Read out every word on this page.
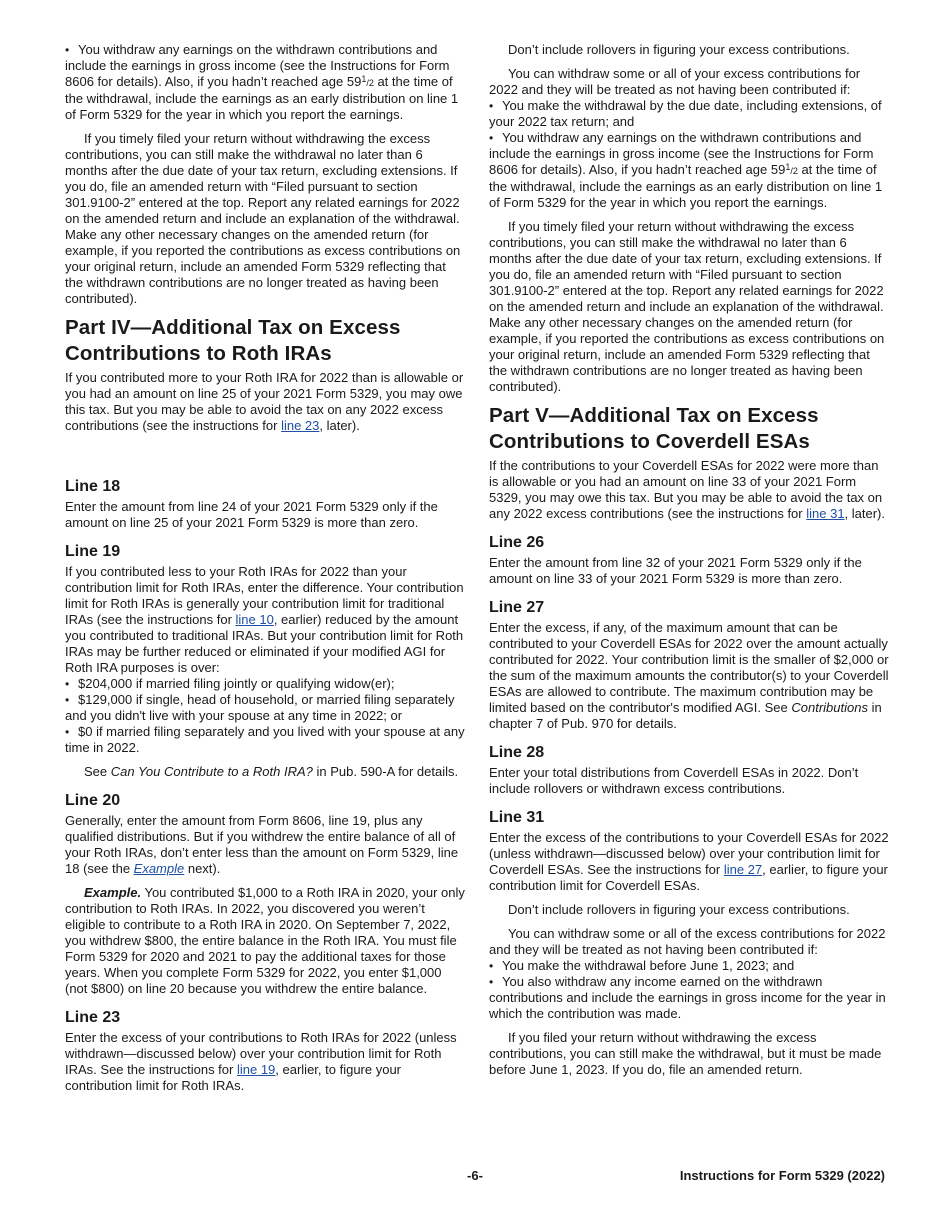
• You withdraw any earnings on the withdrawn contributions and include the earnings in gross income (see the Instructions for Form 8606 for details). Also, if you hadn’t reached age $59^1/2$ at the time of the withdrawal, include the earnings as an early distribution on line 1 of Form 5329 for the year in which you report the earnings.

If you timely filed your return without withdrawing the excess contributions, you can still make the withdrawal no later than 6 months after the due date of your tax return, excluding extensions. If you do, file an amended return with “Filed pursuant to section 301.9100-2” entered at the top. Report any related earnings for 2022 on the amended return and include an explanation of the withdrawal. Make any other necessary changes on the amended return (for example, if you reported the contributions as excess contributions on your original return, include an amended Form 5329 reflecting that the withdrawn contributions are no longer treated as having been contributed).

Part IV—Additional Tax on Excess Contributions to Roth IRAs

If you contributed more to your Roth IRA for 2022 than is allowable or you had an amount on line 25 of your 2021 Form 5329, you may owe this tax. But you may be able to avoid the tax on any 2022 excess contributions (see the instructions for line 23, later).

Line 18

Enter the amount from line 24 of your 2021 Form 5329 only if the amount on line 25 of your 2021 Form 5329 is more than zero.

Line 19

If you contributed less to your Roth IRAs for 2022 than your contribution limit for Roth IRAs, enter the difference. Your contribution limit for Roth IRAs is generally your contribution limit for traditional IRAs (see the instructions for line 10, earlier) reduced by the amount you contributed to traditional IRAs. But your contribution limit for Roth IRAs may be further reduced or eliminated if your modified AGI for Roth IRA purposes is over:

• $204,000 if married filing jointly or qualifying widow(er);
• $129,000 if single, head of household, or married filing separately and you didn't live with your spouse at any time in 2022; or
• $0 if married filing separately and you lived with your spouse at any time in 2022.

See Can You Contribute to a Roth IRA? in Pub. 590-A for details.

Line 20

Generally, enter the amount from Form 8606, line 19, plus any qualified distributions. But if you withdrew the entire balance of all of your Roth IRAs, don’t enter less than the amount on Form 5329, line 18 (see the Example next).

Example. You contributed $1,000 to a Roth IRA in 2020, your only contribution to Roth IRAs. In 2022, you discovered you weren’t eligible to contribute to a Roth IRA in 2020. On September 7, 2022, you withdrew $800, the entire balance in the Roth IRA. You must file Form 5329 for 2020 and 2021 to pay the additional taxes for those years. When you complete Form 5329 for 2022, you enter $1,000 (not $800) on line 20 because you withdrew the entire balance.

Line 23

Enter the excess of your contributions to Roth IRAs for 2022 (unless withdrawn—discussed below) over your contribution limit for Roth IRAs. See the instructions for line 19, earlier, to figure your contribution limit for Roth IRAs.

Don’t include rollovers in figuring your excess contributions.

You can withdraw some or all of your excess contributions for 2022 and they will be treated as not having been contributed if:

• You make the withdrawal by the due date, including extensions, of your 2022 tax return; and

• You withdraw any earnings on the withdrawn contributions and include the earnings in gross income (see the Instructions for Form 8606 for details). Also, if you hadn’t reached age $59^1/2$ at the time of the withdrawal, include the earnings as an early distribution on line 1 of Form 5329 for the year in which you report the earnings.

If you timely filed your return without withdrawing the excess contributions, you can still make the withdrawal no later than 6 months after the due date of your tax return, excluding extensions. If you do, file an amended return with “Filed pursuant to section 301.9100-2” entered at the top. Report any related earnings for 2022 on the amended return and include an explanation of the withdrawal. Make any other necessary changes on the amended return (for example, if you reported the contributions as excess contributions on your original return, include an amended Form 5329 reflecting that the withdrawn contributions are no longer treated as having been contributed).

Part V—Additional Tax on Excess Contributions to Coverdell ESAs

If the contributions to your Coverdell ESAs for 2022 were more than is allowable or you had an amount on line 33 of your 2021 Form 5329, you may owe this tax. But you may be able to avoid the tax on any 2022 excess contributions (see the instructions for line 31, later).

Line 26

Enter the amount from line 32 of your 2021 Form 5329 only if the amount on line 33 of your 2021 Form 5329 is more than zero.

Line 27

Enter the excess, if any, of the maximum amount that can be contributed to your Coverdell ESAs for 2022 over the amount actually contributed for 2022. Your contribution limit is the smaller of $2,000 or the sum of the maximum amounts the contributor(s) to your Coverdell ESAs are allowed to contribute. The maximum contribution may be limited based on the contributor's modified AGI. See Contributions in chapter 7 of Pub. 970 for details.

Line 28

Enter your total distributions from Coverdell ESAs in 2022. Don’t include rollovers or withdrawn excess contributions.

Line 31

Enter the excess of the contributions to your Coverdell ESAs for 2022 (unless withdrawn—discussed below) over your contribution limit for Coverdell ESAs. See the instructions for line 27, earlier, to figure your contribution limit for Coverdell ESAs.

Don’t include rollovers in figuring your excess contributions.

You can withdraw some or all of the excess contributions for 2022 and they will be treated as not having been contributed if:

• You make the withdrawal before June 1, 2023; and

• You also withdraw any income earned on the withdrawn contributions and include the earnings in gross income for the year in which the contribution was made.

If you filed your return without withdrawing the excess contributions, you can still make the withdrawal, but it must be made before June 1, 2023. If you do, file an amended return.

-6-	Instructions for Form 5329 (2022)
